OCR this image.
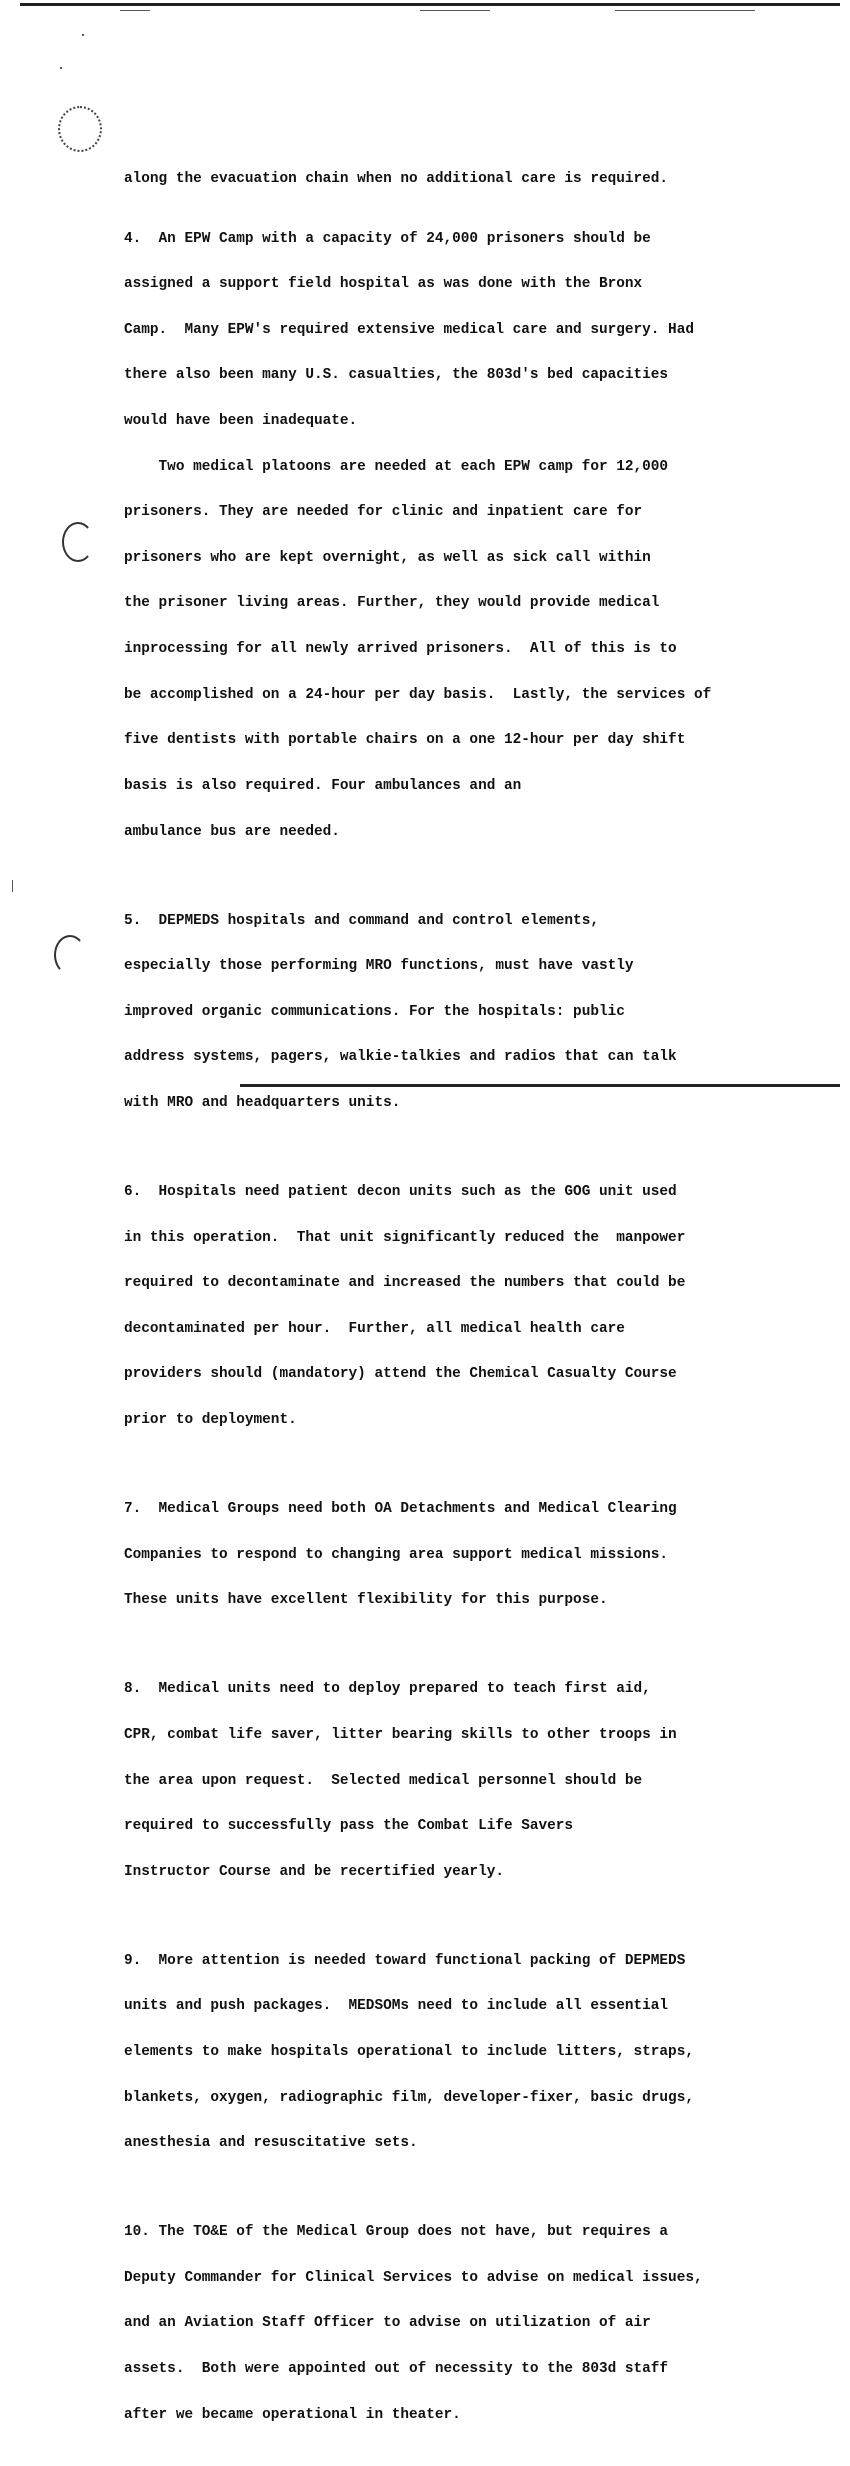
along the evacuation chain when no additional care is required.

4.  An EPW Camp with a capacity of 24,000 prisoners should be

assigned a support field hospital as was done with the Bronx

Camp.  Many EPW's required extensive medical care and surgery. Had

there also been many U.S. casualties, the 803d's bed capacities

would have been inadequate.

Two medical platoons are needed at each EPW camp for 12,000

prisoners. They are needed for clinic and inpatient care for

prisoners who are kept overnight, as well as sick call within

the prisoner living areas. Further, they would provide medical

inprocessing for all newly arrived prisoners.  All of this is to

be accomplished on a 24-hour per day basis.  Lastly, the services of

five dentists with portable chairs on a one 12-hour per day shift

basis is also required. Four ambulances and an

ambulance bus are needed.

5.  DEPMEDS hospitals and command and control elements,

especially those performing MRO functions, must have vastly

improved organic communications. For the hospitals: public

address systems, pagers, walkie-talkies and radios that can talk

with MRO and headquarters units.

6.  Hospitals need patient decon units such as the GOG unit used

in this operation.  That unit significantly reduced the  manpower

required to decontaminate and increased the numbers that could be

decontaminated per hour.  Further, all medical health care

providers should (mandatory) attend the Chemical Casualty Course

prior to deployment.

7.  Medical Groups need both OA Detachments and Medical Clearing

Companies to respond to changing area support medical missions.

These units have excellent flexibility for this purpose.

8.  Medical units need to deploy prepared to teach first aid,

CPR, combat life saver, litter bearing skills to other troops in

the area upon request.  Selected medical personnel should be

required to successfully pass the Combat Life Savers

Instructor Course and be recertified yearly.

9.  More attention is needed toward functional packing of DEPMEDS

units and push packages.  MEDSOMs need to include all essential

elements to make hospitals operational to include litters, straps,

blankets, oxygen, radiographic film, developer-fixer, basic drugs,

anesthesia and resuscitative sets.

10. The TO&E of the Medical Group does not have, but requires a

Deputy Commander for Clinical Services to advise on medical issues,

and an Aviation Staff Officer to advise on utilization of air

assets.  Both were appointed out of necessity to the 803d staff

after we became operational in theater.
